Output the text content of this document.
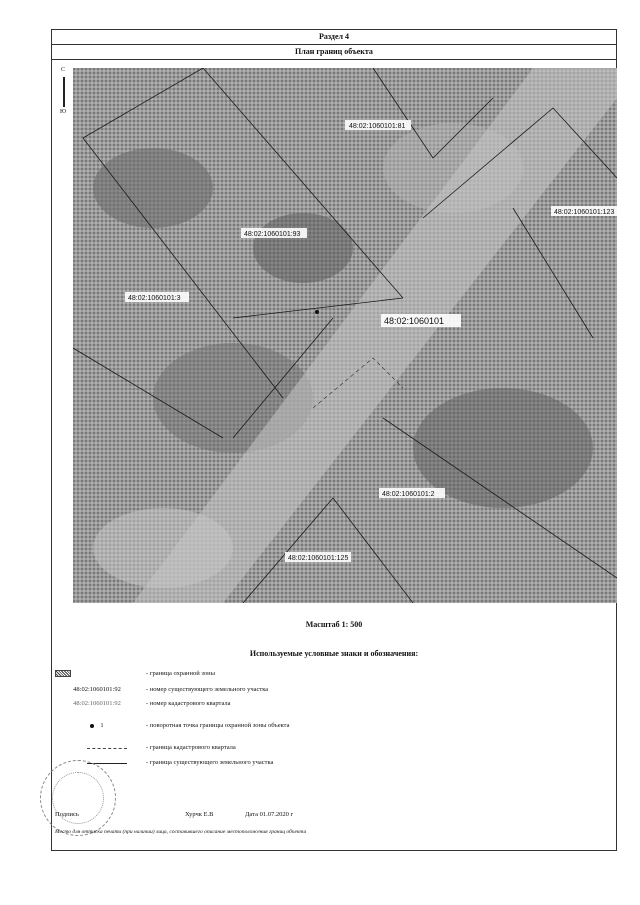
Раздел 4
План границ объекта
С
Ю
48:02:1060101:81
48:02:1060101:123
48:02:1060101:93
48:02:1060101:3
48:02:1060101
48:02:1060101:2
48:02:1060101:125
Масштаб 1: 500
Используемые условные знаки и обозначения:
- граница охранной зоны
48:02:1060101:92	- номер существующего земельного участка
48:02:1060101:92	- номер кадастрового квартала
1	- поворотная точка границы охранной зоны объекта
- граница кадастрового квартала
- граница существующего земельного участка
Подпись	Хурчк Е.В	Дата 01.07.2020 г
Место для оттиска печати (при наличии) лица, составившего описание местоположения границ объекта
